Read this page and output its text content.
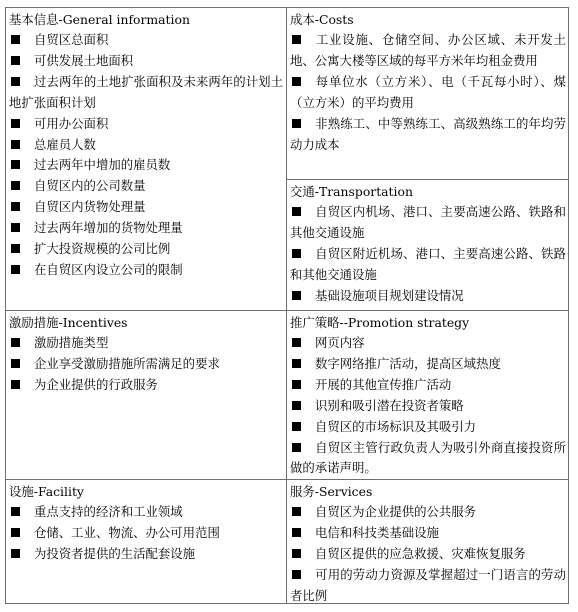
基本信息-General information
自贸区总面积
可供发展土地面积
过去两年的土地扩张面积及未来两年的计划土地扩张面积计划
可用办公面积
总雇员人数
过去两年中增加的雇员数
自贸区内的公司数量
自贸区内货物处理量
过去两年增加的货物处理量
扩大投资规模的公司比例
在自贸区内设立公司的限制
成本-Costs
工业设施、仓储空间、办公区域、未开发土地、公寓大楼等区域的每平方米年均租金费用
每单位水（立方米）、电（千瓦每小时）、煤（立方米）的平均费用
非熟练工、中等熟练工、高级熟练工的年均劳动力成本
交通-Transportation
自贸区内机场、港口、主要高速公路、铁路和其他交通设施
自贸区附近机场、港口、主要高速公路、铁路和其他交通设施
基础设施项目规划建设情况
激励措施-Incentives
激励措施类型
企业享受激励措施所需满足的要求
为企业提供的行政服务
推广策略--Promotion strategy
网页内容
数字网络推广活动，提高区域热度
开展的其他宣传推广活动
识别和吸引潜在投资者策略
自贸区的市场标识及其吸引力
自贸区主管行政负责人为吸引外商直接投资所做的承诺声明。
设施-Facility
重点支持的经济和工业领域
仓储、工业、物流、办公可用范围
为投资者提供的生活配套设施
服务-Services
自贸区为企业提供的公共服务
电信和科技类基础设施
自贸区提供的应急救援、灾难恢复服务
可用的劳动力资源及掌握超过一门语言的劳动者比例
